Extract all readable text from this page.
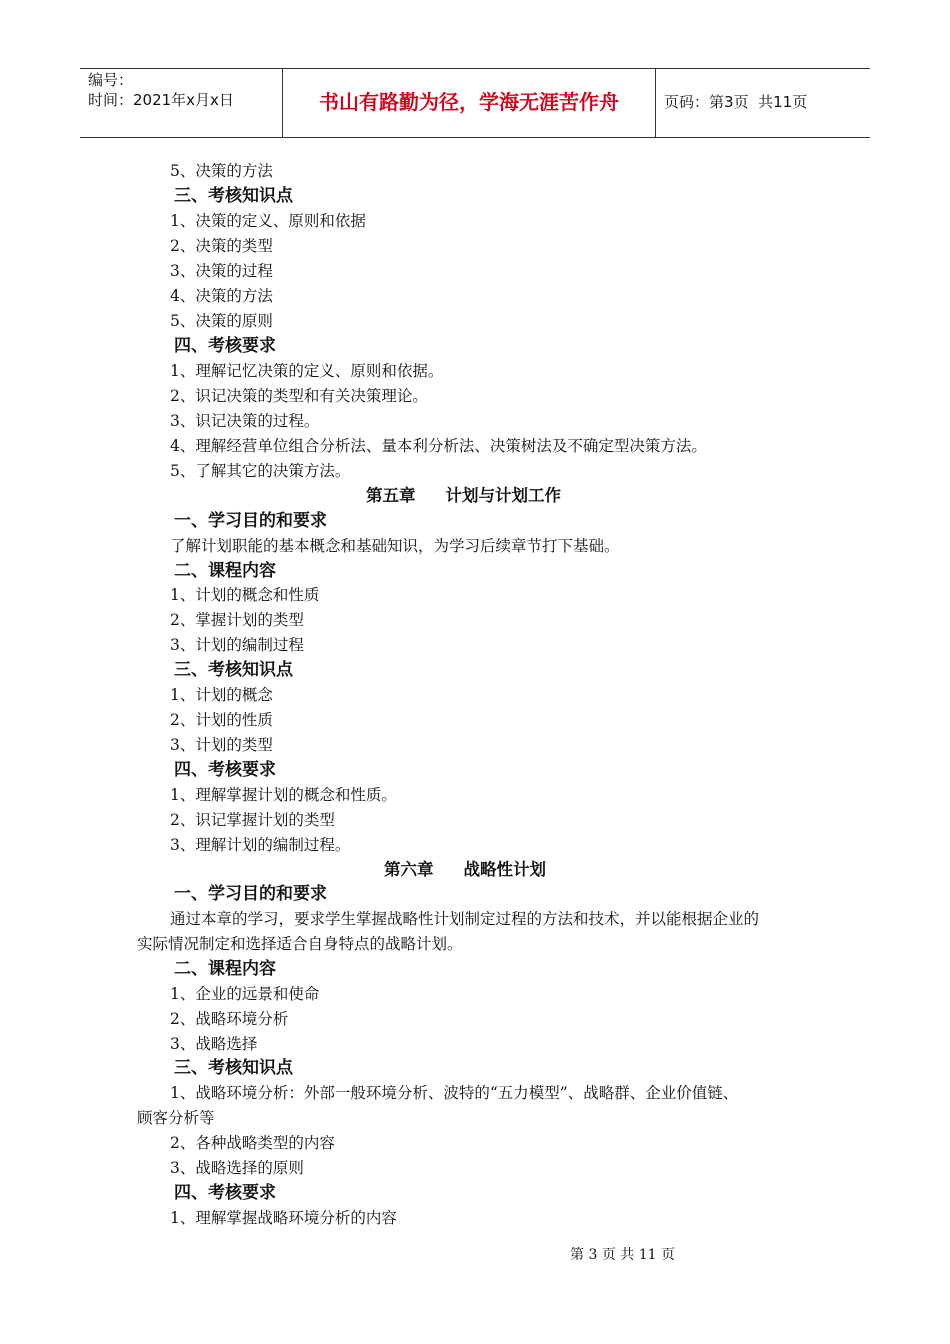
编号：
时间：2021年x月x日	书山有路勤为径，学海无涯苦作舟	页码：第3页  共11页
5、决策的方法
三、考核知识点
1、决策的定义、原则和依据
2、决策的类型
3、决策的过程
4、决策的方法
5、决策的原则
四、考核要求
1、理解记忆决策的定义、原则和依据。
2、识记决策的类型和有关决策理论。
3、识记决策的过程。
4、理解经营单位组合分析法、量本利分析法、决策树法及不确定型决策方法。
5、了解其它的决策方法。
第五章 计划与计划工作
一、学习目的和要求
了解计划职能的基本概念和基础知识，为学习后续章节打下基础。
二、课程内容
1、计划的概念和性质
2、掌握计划的类型
3、计划的编制过程
三、考核知识点
1、计划的概念
2、计划的性质
3、计划的类型
四、考核要求
1、理解掌握计划的概念和性质。
2、识记掌握计划的类型
3、理解计划的编制过程。
第六章 战略性计划
一、学习目的和要求
通过本章的学习，要求学生掌握战略性计划制定过程的方法和技术，并以能根据企业的
实际情况制定和选择适合自身特点的战略计划。
二、课程内容
1、企业的远景和使命
2、战略环境分析
3、战略选择
三、考核知识点
1、战略环境分析：外部一般环境分析、波特的“五力模型”、战略群、企业价值链、
顾客分析等
2、各种战略类型的内容
3、战略选择的原则
四、考核要求
1、理解掌握战略环境分析的内容
第 3 页 共 11 页
